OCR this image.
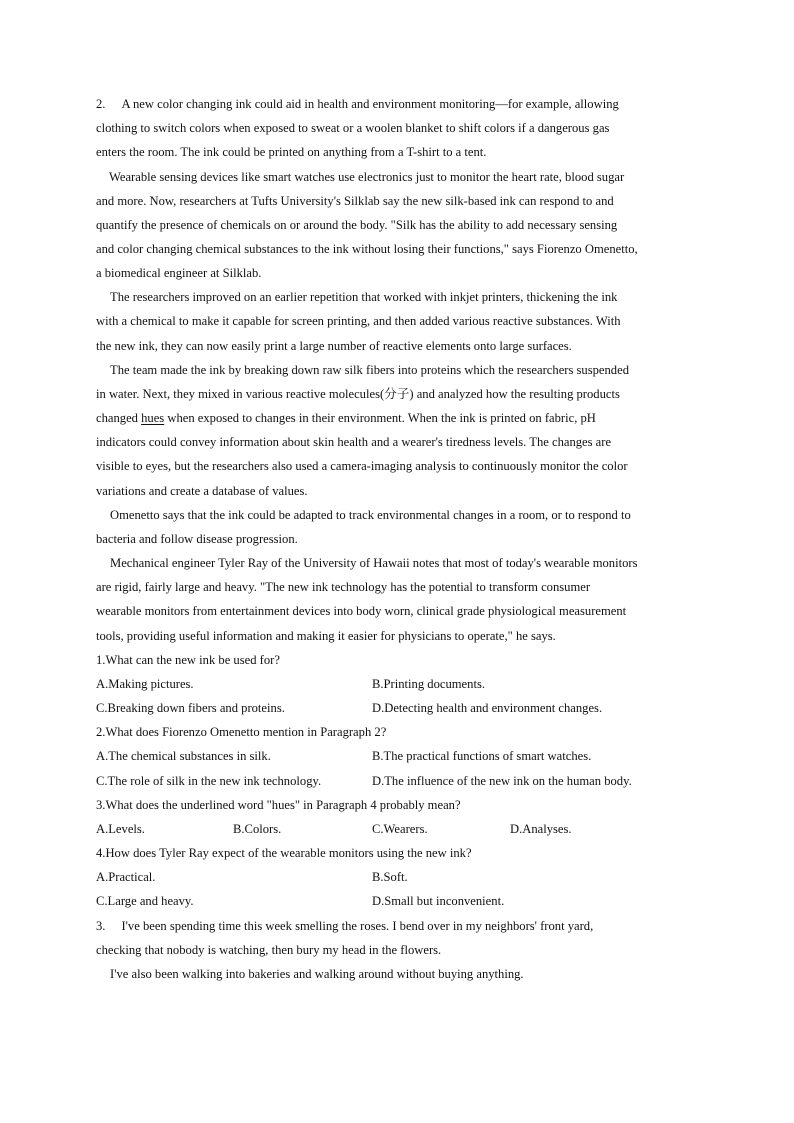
2. A new color changing ink could aid in health and environment monitoring—for example, allowing
clothing to switch colors when exposed to sweat or a woolen blanket to shift colors if a dangerous gas
enters the room. The ink could be printed on anything from a T-shirt to a tent.
Wearable sensing devices like smart watches use electronics just to monitor the heart rate, blood sugar
and more. Now, researchers at Tufts University's Silklab say the new silk-based ink can respond to and
quantify the presence of chemicals on or around the body. "Silk has the ability to add necessary sensing
and color changing chemical substances to the ink without losing their functions," says Fiorenzo Omenetto,
a biomedical engineer at Silklab.
The researchers improved on an earlier repetition that worked with inkjet printers, thickening the ink
with a chemical to make it capable for screen printing, and then added various reactive substances. With
the new ink, they can now easily print a large number of reactive elements onto large surfaces.
The team made the ink by breaking down raw silk fibers into proteins which the researchers suspended
in water. Next, they mixed in various reactive molecules(分子) and analyzed how the resulting products
changed hues when exposed to changes in their environment. When the ink is printed on fabric, pH
indicators could convey information about skin health and a wearer's tiredness levels. The changes are
visible to eyes, but the researchers also used a camera-imaging analysis to continuously monitor the color
variations and create a database of values.
Omenetto says that the ink could be adapted to track environmental changes in a room, or to respond to
bacteria and follow disease progression.
Mechanical engineer Tyler Ray of the University of Hawaii notes that most of today's wearable monitors
are rigid, fairly large and heavy. "The new ink technology has the potential to transform consumer
wearable monitors from entertainment devices into body worn, clinical grade physiological measurement
tools, providing useful information and making it easier for physicians to operate," he says.
1.What can the new ink be used for?
A.Making pictures.	B.Printing documents.
C.Breaking down fibers and proteins.	D.Detecting health and environment changes.
2.What does Fiorenzo Omenetto mention in Paragraph 2?
A.The chemical substances in silk.	B.The practical functions of smart watches.
C.The role of silk in the new ink technology.	D.The influence of the new ink on the human body.
3.What does the underlined word "hues" in Paragraph 4 probably mean?
A.Levels.	B.Colors.	C.Wearers.	D.Analyses.
4.How does Tyler Ray expect of the wearable monitors using the new ink?
A.Practical.	B.Soft.
C.Large and heavy.	D.Small but inconvenient.
3. I've been spending time this week smelling the roses. I bend over in my neighbors' front yard,
checking that nobody is watching, then bury my head in the flowers.
I've also been walking into bakeries and walking around without buying anything.
